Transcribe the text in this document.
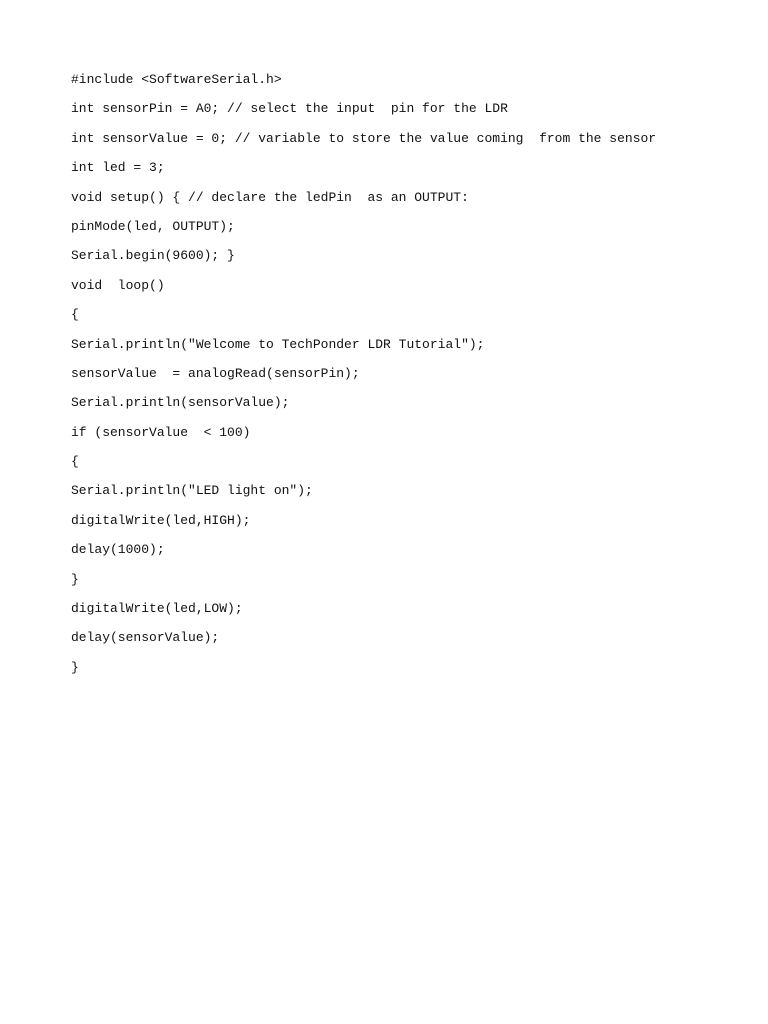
#include <SoftwareSerial.h>
int sensorPin = A0; // select the input  pin for the LDR
int sensorValue = 0; // variable to store the value coming  from the sensor
int led = 3;
void setup() { // declare the ledPin  as an OUTPUT:
pinMode(led, OUTPUT);
Serial.begin(9600); }
void  loop()
{
Serial.println("Welcome to TechPonder LDR Tutorial");
sensorValue  = analogRead(sensorPin);
Serial.println(sensorValue);
if (sensorValue  < 100)
{
Serial.println("LED light on");
digitalWrite(led,HIGH);
delay(1000);
}
digitalWrite(led,LOW);
delay(sensorValue);
}
